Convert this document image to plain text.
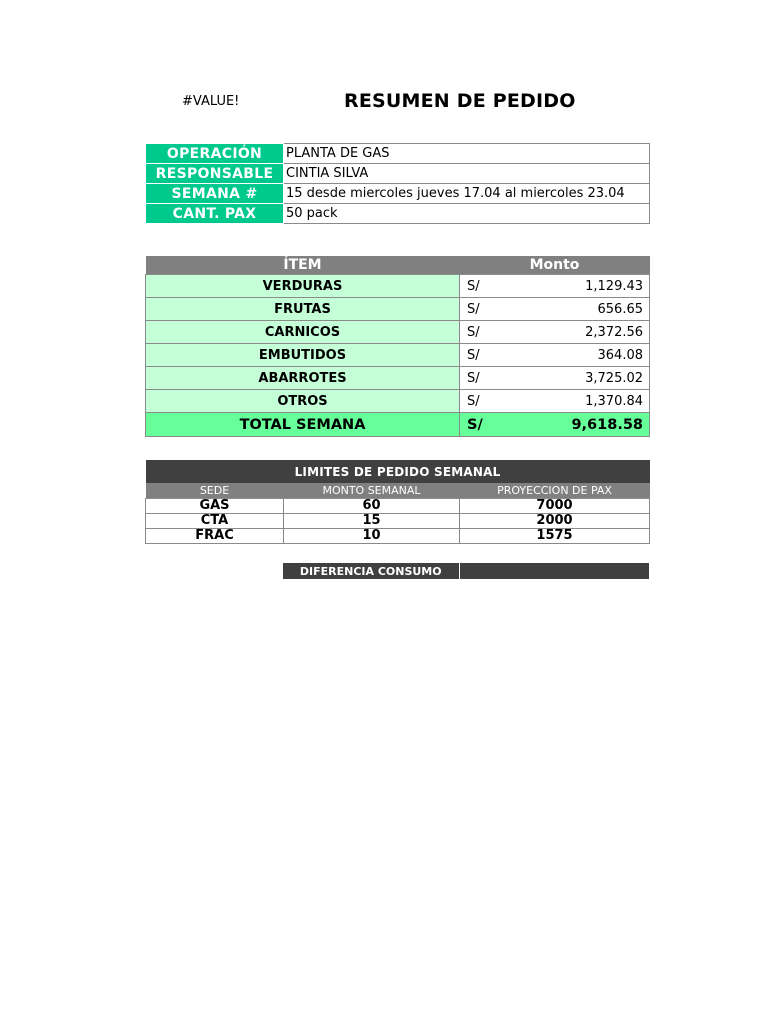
#VALUE!	RESUMEN DE PEDIDO
OPERACIÓN	PLANTA DE GAS
RESPONSABLE	CINTIA SILVA
SEMANA #	15 desde miercoles jueves 17.04 al miercoles 23.04
CANT. PAX	50 pack
ÍTEM	Monto	
VERDURAS	S/	1,129.43
FRUTAS	S/	656.65
CARNICOS	S/	2,372.56
EMBUTIDOS	S/	364.08
ABARROTES	S/	3,725.02
OTROS	S/	1,370.84
TOTAL SEMANA	S/	9,618.58
LIMITES DE PEDIDO SEMANAL		
SEDE	MONTO SEMANAL	PROYECCION DE PAX
GAS	60	7000
CTA	15	2000
FRAC	10	1575
DIFERENCIA CONSUMO	
